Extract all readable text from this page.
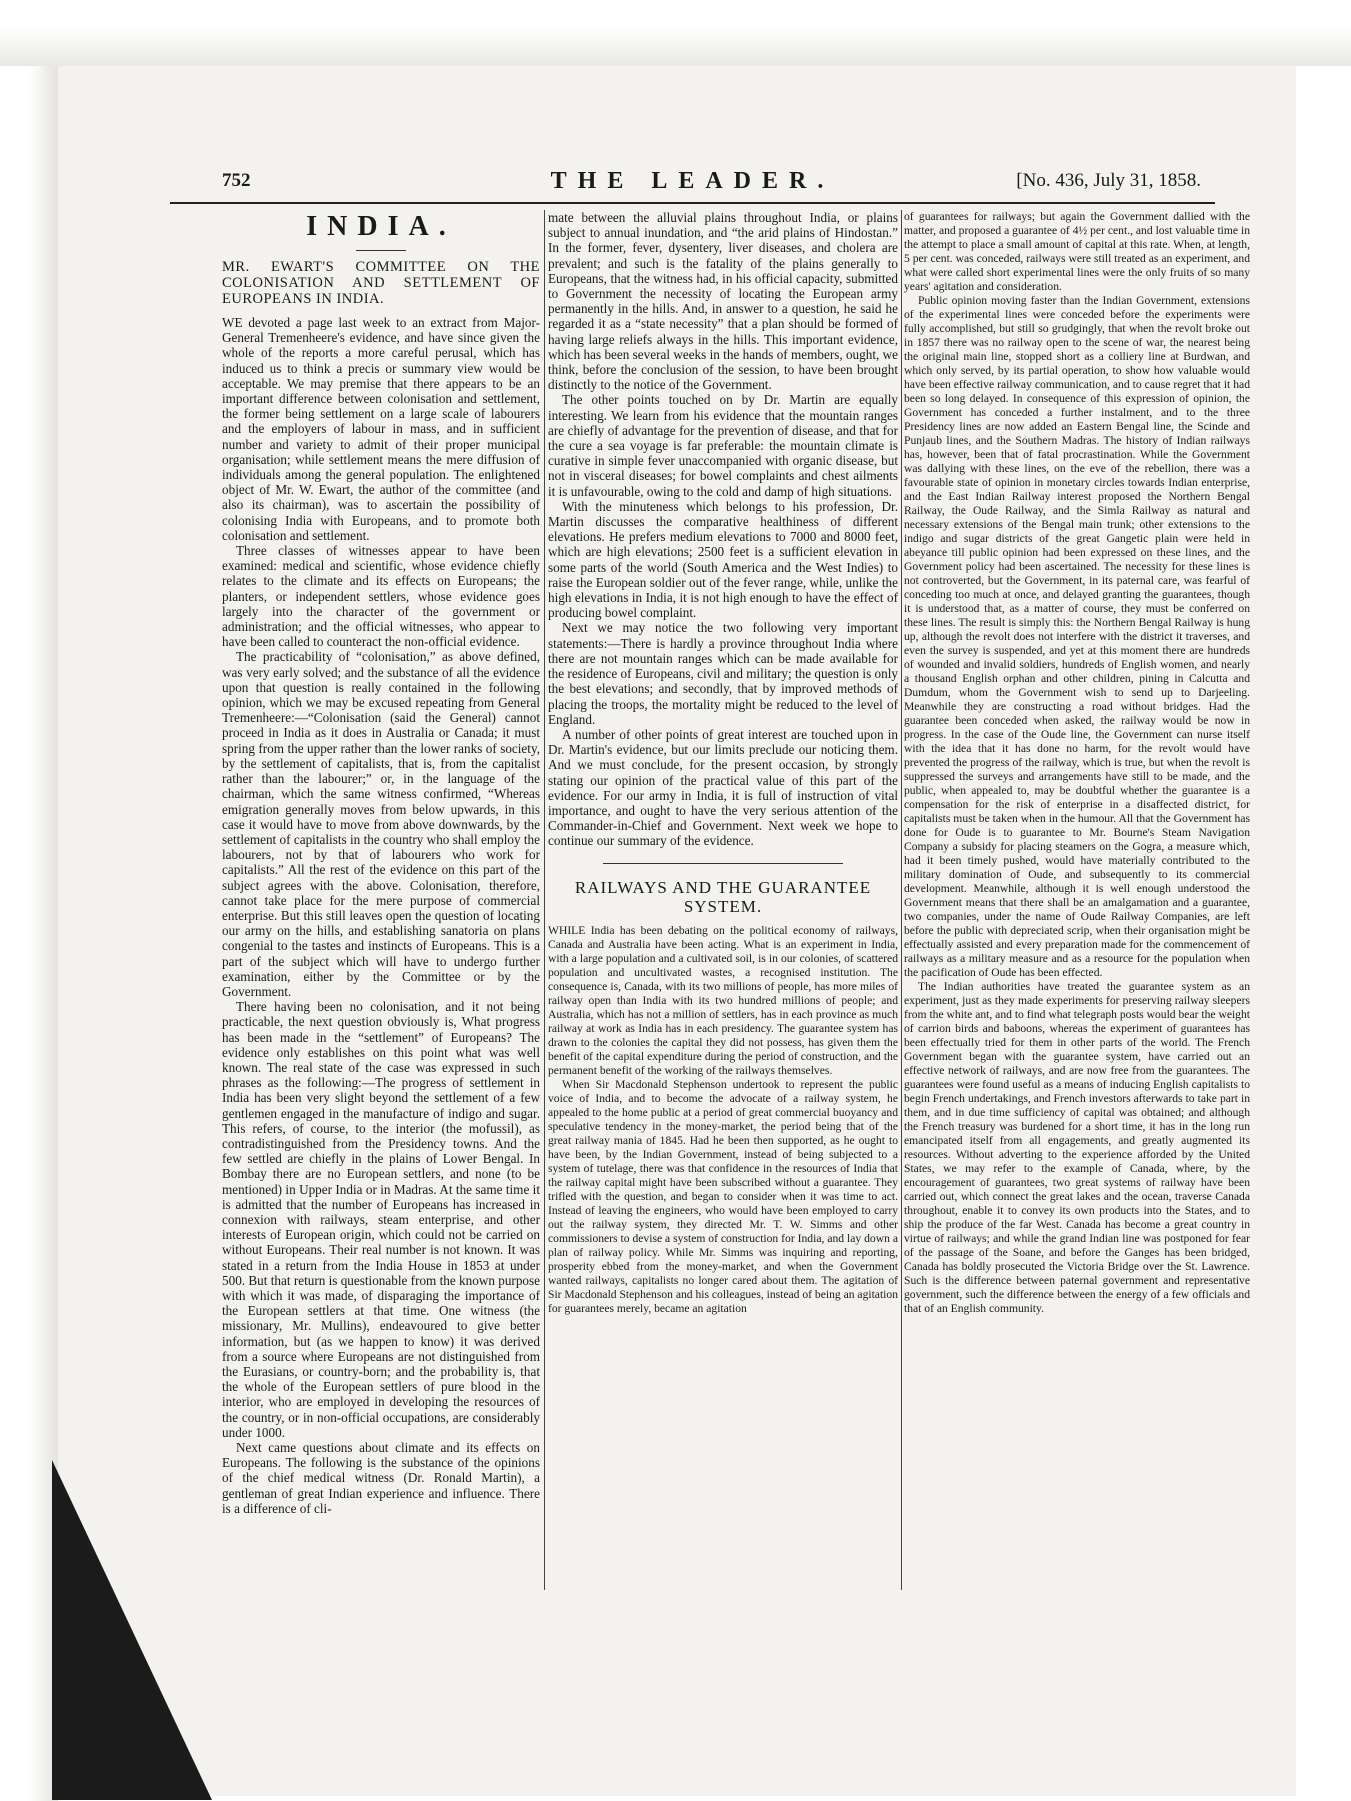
752	THE LEADER.	[No. 436, July 31, 1858.
INDIA.
MR. EWART'S COMMITTEE ON THE COLONISATION AND SETTLEMENT OF EUROPEANS IN INDIA.

WE devoted a page last week to an extract from Major-General Tremenheere's evidence, and have since given the whole of the reports a more careful perusal, which has induced us to think a precis or summary view would be acceptable. We may premise that there appears to be an important difference between colonisation and settlement, the former being settlement on a large scale of labourers and the employers of labour in mass, and in sufficient number and variety to admit of their proper municipal organisation; while settlement means the mere diffusion of individuals among the general population. The enlightened object of Mr. W. Ewart, the author of the committee (and also its chairman), was to ascertain the possibility of colonising India with Europeans, and to promote both colonisation and settlement.

Three classes of witnesses appear to have been examined: medical and scientific, whose evidence chiefly relates to the climate and its effects on Europeans; the planters, or independent settlers, whose evidence goes largely into the character of the government or administration; and the official witnesses, who appear to have been called to counteract the non-official evidence.

The practicability of “colonisation,” as above defined, was very early solved; and the substance of all the evidence upon that question is really contained in the following opinion, which we may be excused repeating from General Tremenheere:—“Colonisation (said the General) cannot proceed in India as it does in Australia or Canada; it must spring from the upper rather than the lower ranks of society, by the settlement of capitalists, that is, from the capitalist rather than the labourer;” or, in the language of the chairman, which the same witness confirmed, “Whereas emigration generally moves from below upwards, in this case it would have to move from above downwards, by the settlement of capitalists in the country who shall employ the labourers, not by that of labourers who work for capitalists.” All the rest of the evidence on this part of the subject agrees with the above. Colonisation, therefore, cannot take place for the mere purpose of commercial enterprise. But this still leaves open the question of locating our army on the hills, and establishing sanatoria on plans congenial to the tastes and instincts of Europeans. This is a part of the subject which will have to undergo further examination, either by the Committee or by the Government.

There having been no colonisation, and it not being practicable, the next question obviously is, What progress has been made in the “settlement” of Europeans? The evidence only establishes on this point what was well known. The real state of the case was expressed in such phrases as the following:—The progress of settlement in India has been very slight beyond the settlement of a few gentlemen engaged in the manufacture of indigo and sugar. This refers, of course, to the interior (the mofussil), as contradistinguished from the Presidency towns. And the few settled are chiefly in the plains of Lower Bengal. In Bombay there are no European settlers, and none (to be mentioned) in Upper India or in Madras. At the same time it is admitted that the number of Europeans has increased in connexion with railways, steam enterprise, and other interests of European origin, which could not be carried on without Europeans. Their real number is not known. It was stated in a return from the India House in 1853 at under 500. But that return is questionable from the known purpose with which it was made, of disparaging the importance of the European settlers at that time. One witness (the missionary, Mr. Mullins), endeavoured to give better information, but (as we happen to know) it was derived from a source where Europeans are not distinguished from the Eurasians, or country-born; and the probability is, that the whole of the European settlers of pure blood in the interior, who are employed in developing the resources of the country, or in non-official occupations, are considerably under 1000.

Next came questions about climate and its effects on Europeans. The following is the substance of the opinions of the chief medical witness (Dr. Ronald Martin), a gentleman of great Indian experience and influence. There is a difference of cli-

mate between the alluvial plains throughout India, or plains subject to annual inundation, and “the arid plains of Hindostan.” In the former, fever, dysentery, liver diseases, and cholera are prevalent; and such is the fatality of the plains generally to Europeans, that the witness had, in his official capacity, submitted to Government the necessity of locating the European army permanently in the hills. And, in answer to a question, he said he regarded it as a “state necessity” that a plan should be formed of having large reliefs always in the hills. This important evidence, which has been several weeks in the hands of members, ought, we think, before the conclusion of the session, to have been brought distinctly to the notice of the Government.

The other points touched on by Dr. Martin are equally interesting. We learn from his evidence that the mountain ranges are chiefly of advantage for the prevention of disease, and that for the cure a sea voyage is far preferable: the mountain climate is curative in simple fever unaccompanied with organic disease, but not in visceral diseases; for bowel complaints and chest ailments it is unfavourable, owing to the cold and damp of high situations.

With the minuteness which belongs to his profession, Dr. Martin discusses the comparative healthiness of different elevations. He prefers medium elevations to 7000 and 8000 feet, which are high elevations; 2500 feet is a sufficient elevation in some parts of the world (South America and the West Indies) to raise the European soldier out of the fever range, while, unlike the high elevations in India, it is not high enough to have the effect of producing bowel complaint.

Next we may notice the two following very important statements:—There is hardly a province throughout India where there are not mountain ranges which can be made available for the residence of Europeans, civil and military; the question is only the best elevations; and secondly, that by improved methods of placing the troops, the mortality might be reduced to the level of England.

A number of other points of great interest are touched upon in Dr. Martin's evidence, but our limits preclude our noticing them. And we must conclude, for the present occasion, by strongly stating our opinion of the practical value of this part of the evidence. For our army in India, it is full of instruction of vital importance, and ought to have the very serious attention of the Commander-in-Chief and Government. Next week we hope to continue our summary of the evidence.

RAILWAYS AND THE GUARANTEE SYSTEM.

WHILE India has been debating on the political economy of railways, Canada and Australia have been acting. What is an experiment in India, with a large population and a cultivated soil, is in our colonies, of scattered population and uncultivated wastes, a recognised institution. The consequence is, Canada, with its two millions of people, has more miles of railway open than India with its two hundred millions of people; and Australia, which has not a million of settlers, has in each province as much railway at work as India has in each presidency. The guarantee system has drawn to the colonies the capital they did not possess, has given them the benefit of the capital expenditure during the period of construction, and the permanent benefit of the working of the railways themselves.

When Sir Macdonald Stephenson undertook to represent the public voice of India, and to become the advocate of a railway system, he appealed to the home public at a period of great commercial buoyancy and speculative tendency in the money-market, the period being that of the great railway mania of 1845. Had he been then supported, as he ought to have been, by the Indian Government, instead of being subjected to a system of tutelage, there was that confidence in the resources of India that the railway capital might have been subscribed without a guarantee. They trifled with the question, and began to consider when it was time to act. Instead of leaving the engineers, who would have been employed to carry out the railway system, they directed Mr. T. W. Simms and other commissioners to devise a system of construction for India, and lay down a plan of railway policy. While Mr. Simms was inquiring and reporting, prosperity ebbed from the money-market, and when the Government wanted railways, capitalists no longer cared about them. The agitation of Sir Macdonald Stephenson and his colleagues, instead of being an agitation for guarantees merely, became an agitation

of guarantees for railways; but again the Government dallied with the matter, and proposed a guarantee of 4½ per cent., and lost valuable time in the attempt to place a small amount of capital at this rate. When, at length, 5 per cent. was conceded, railways were still treated as an experiment, and what were called short experimental lines were the only fruits of so many years' agitation and consideration.

Public opinion moving faster than the Indian Government, extensions of the experimental lines were conceded before the experiments were fully accomplished, but still so grudgingly, that when the revolt broke out in 1857 there was no railway open to the scene of war, the nearest being the original main line, stopped short as a colliery line at Burdwan, and which only served, by its partial operation, to show how valuable would have been effective railway communication, and to cause regret that it had been so long delayed. In consequence of this expression of opinion, the Government has conceded a further instalment, and to the three Presidency lines are now added an Eastern Bengal line, the Scinde and Punjaub lines, and the Southern Madras. The history of Indian railways has, however, been that of fatal procrastination. While the Government was dallying with these lines, on the eve of the rebellion, there was a favourable state of opinion in monetary circles towards Indian enterprise, and the East Indian Railway interest proposed the Northern Bengal Railway, the Oude Railway, and the Simla Railway as natural and necessary extensions of the Bengal main trunk; other extensions to the indigo and sugar districts of the great Gangetic plain were held in abeyance till public opinion had been expressed on these lines, and the Government policy had been ascertained. The necessity for these lines is not controverted, but the Government, in its paternal care, was fearful of conceding too much at once, and delayed granting the guarantees, though it is understood that, as a matter of course, they must be conferred on these lines. The result is simply this: the Northern Bengal Railway is hung up, although the revolt does not interfere with the district it traverses, and even the survey is suspended, and yet at this moment there are hundreds of wounded and invalid soldiers, hundreds of English women, and nearly a thousand English orphan and other children, pining in Calcutta and Dumdum, whom the Government wish to send up to Darjeeling. Meanwhile they are constructing a road without bridges. Had the guarantee been conceded when asked, the railway would be now in progress. In the case of the Oude line, the Government can nurse itself with the idea that it has done no harm, for the revolt would have prevented the progress of the railway, which is true, but when the revolt is suppressed the surveys and arrangements have still to be made, and the public, when appealed to, may be doubtful whether the guarantee is a compensation for the risk of enterprise in a disaffected district, for capitalists must be taken when in the humour. All that the Government has done for Oude is to guarantee to Mr. Bourne's Steam Navigation Company a subsidy for placing steamers on the Gogra, a measure which, had it been timely pushed, would have materially contributed to the military domination of Oude, and subsequently to its commercial development. Meanwhile, although it is well enough understood the Government means that there shall be an amalgamation and a guarantee, two companies, under the name of Oude Railway Companies, are left before the public with depreciated scrip, when their organisation might be effectually assisted and every preparation made for the commencement of railways as a military measure and as a resource for the population when the pacification of Oude has been effected.

The Indian authorities have treated the guarantee system as an experiment, just as they made experiments for preserving railway sleepers from the white ant, and to find what telegraph posts would bear the weight of carrion birds and baboons, whereas the experiment of guarantees has been effectually tried for them in other parts of the world. The French Government began with the guarantee system, have carried out an effective network of railways, and are now free from the guarantees. The guarantees were found useful as a means of inducing English capitalists to begin French undertakings, and French investors afterwards to take part in them, and in due time sufficiency of capital was obtained; and although the French treasury was burdened for a short time, it has in the long run emancipated itself from all engagements, and greatly augmented its resources. Without adverting to the experience afforded by the United States, we may refer to the example of Canada, where, by the encouragement of guarantees, two great systems of railway have been carried out, which connect the great lakes and the ocean, traverse Canada throughout, enable it to convey its own products into the States, and to ship the produce of the far West. Canada has become a great country in virtue of railways; and while the grand Indian line was postponed for fear of the passage of the Soane, and before the Ganges has been bridged, Canada has boldly prosecuted the Victoria Bridge over the St. Lawrence. Such is the difference between paternal government and representative government, such the difference between the energy of a few officials and that of an English community.
